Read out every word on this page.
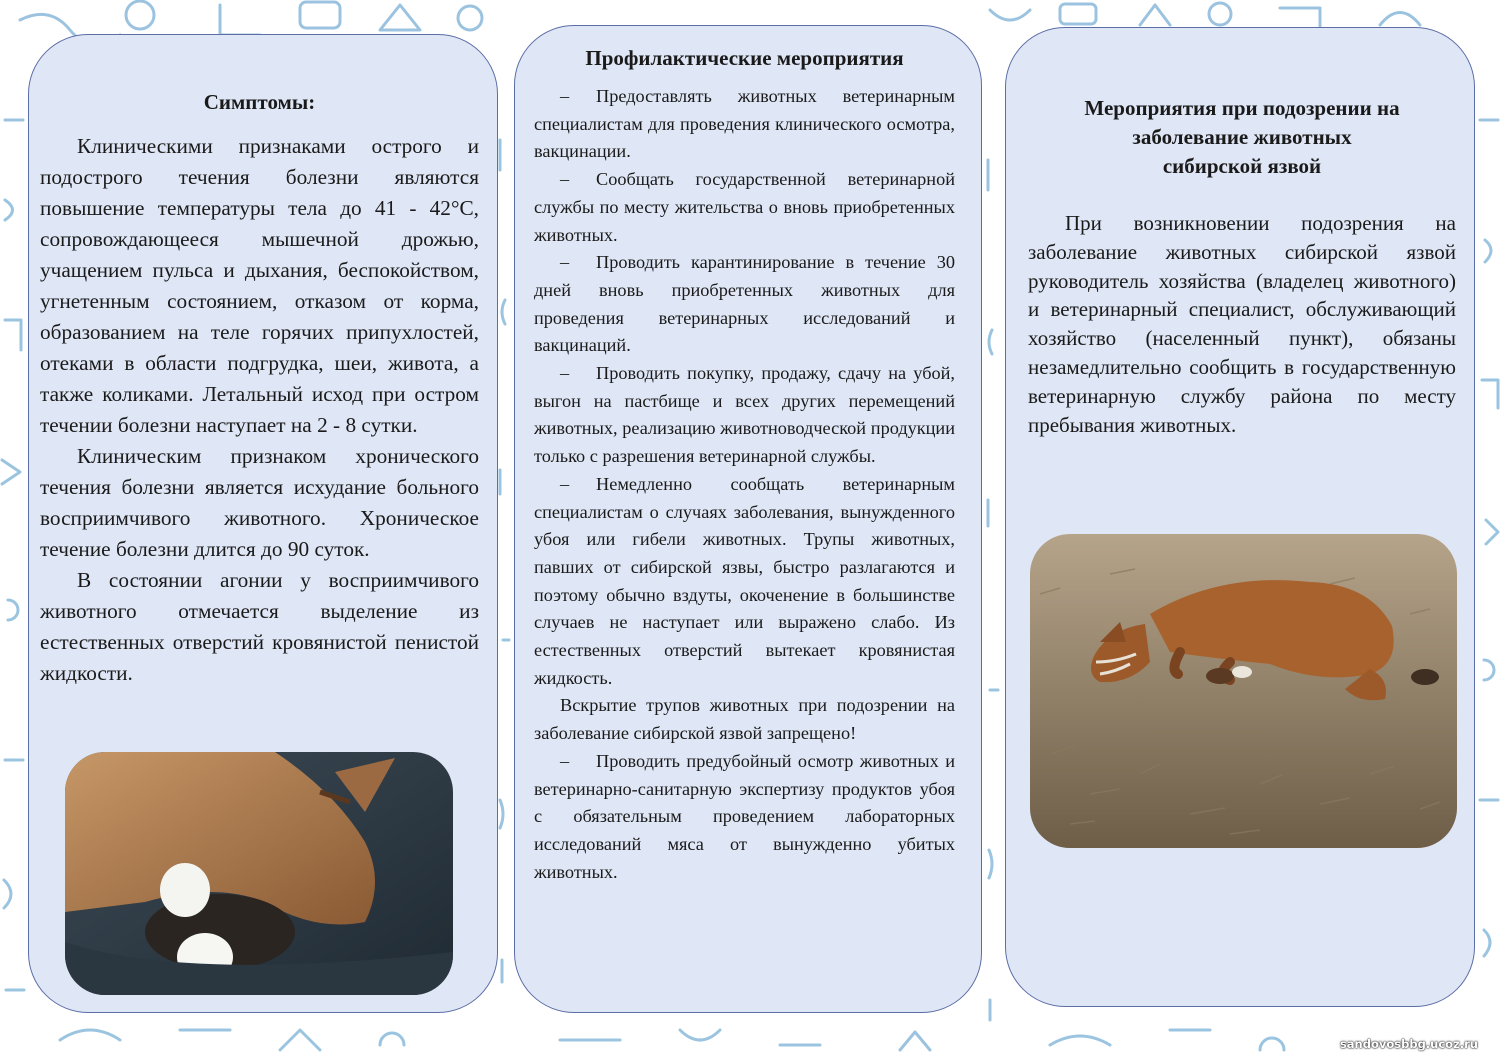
Симптомы:

Клиническими признаками острого и подострого течения болезни являются повышение температуры тела до 41 - 42°С, сопровождающееся мышечной дрожью, учащением пульса и дыхания, беспокойством, угнетенным состоянием, отказом от корма, образованием на теле горячих припухлостей, отеками в области подгрудка, шеи, живота, а также коликами. Летальный исход при остром течении болезни наступает на 2 - 8 сутки.

Клиническим признаком хронического течения болезни является исхудание больного восприимчивого животного. Хроническое течение болезни длится до 90 суток.

В состоянии агонии у восприимчивого животного отмечается выделение из естественных отверстий кровянистой пенистой жидкости.

Профилактические мероприятия

– Предоставлять животных ветеринарным специалистам для проведения клинического осмотра, вакцинации.

– Сообщать государственной ветеринарной службы по месту жительства о вновь приобретенных животных.

– Проводить карантинирование в течение 30 дней вновь приобретенных животных для проведения ветеринарных исследований и вакцинаций.

– Проводить покупку, продажу, сдачу на убой, выгон на пастбище и всех других перемещений животных, реализацию животноводческой продукции только с разрешения ветеринарной службы.

– Немедленно сообщать ветеринарным специалистам о случаях заболевания, вынужденного убоя или гибели животных. Трупы животных, павших от сибирской язвы, быстро разлагаются и поэтому обычно вздуты, окоченение в большинстве случаев не наступает или выражено слабо. Из естественных отверстий вытекает кровянистая жидкость.

Вскрытие трупов животных при подозрении на заболевание сибирской язвой запрещено!

– Проводить предубойный осмотр животных и ветеринарно-санитарную экспертизу продуктов убоя с обязательным проведением лабораторных исследований мяса от вынужденно убитых животных.

Мероприятия при подозрении на
заболевание животных
сибирской язвой

При возникновении подозрения на заболевание животных сибирской язвой руководитель хозяйства (владелец животного) и ветеринарный специалист, обслуживающий хозяйство (населенный пункт), обязаны незамедлительно сообщить в государственную ветеринарную службу района по месту пребывания животных.

sandovosbbg.ucoz.ru
